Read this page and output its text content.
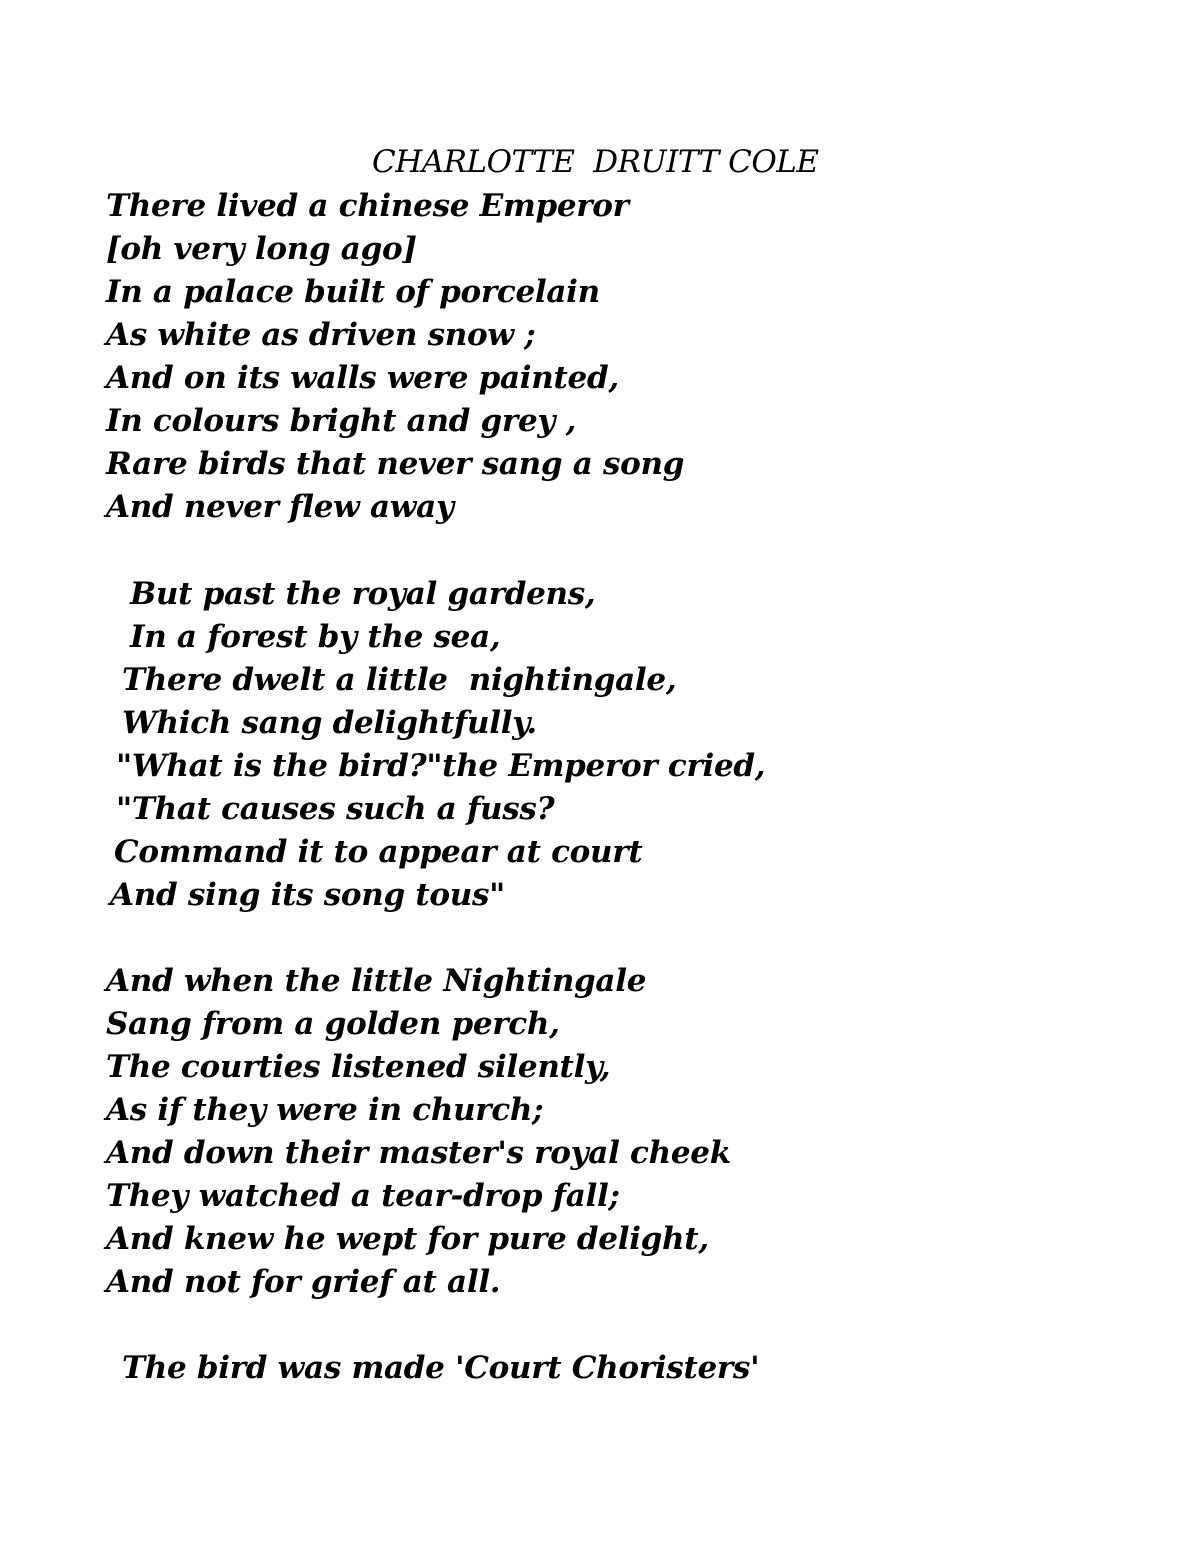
CHARLOTTE  DRUITT COLE
There lived a chinese Emperor
[oh very long ago]
In a palace built of porcelain
As white as driven snow ;
And on its walls were painted,
In colours bright and grey ,
Rare birds that never sang a song
And never flew away
But past the royal gardens,
In a forest by the sea,
There dwelt a little  nightingale,
Which sang delightfully.
"What is the bird?"the Emperor cried,
"That causes such a fuss?
Command it to appear at court
And sing its song tous"
And when the little Nightingale
Sang from a golden perch,
The courties listened silently,
As if they were in church;
And down their master's royal cheek
They watched a tear-drop fall;
And knew he wept for pure delight,
And not for grief at all.
The bird was made 'Court Choristers'
